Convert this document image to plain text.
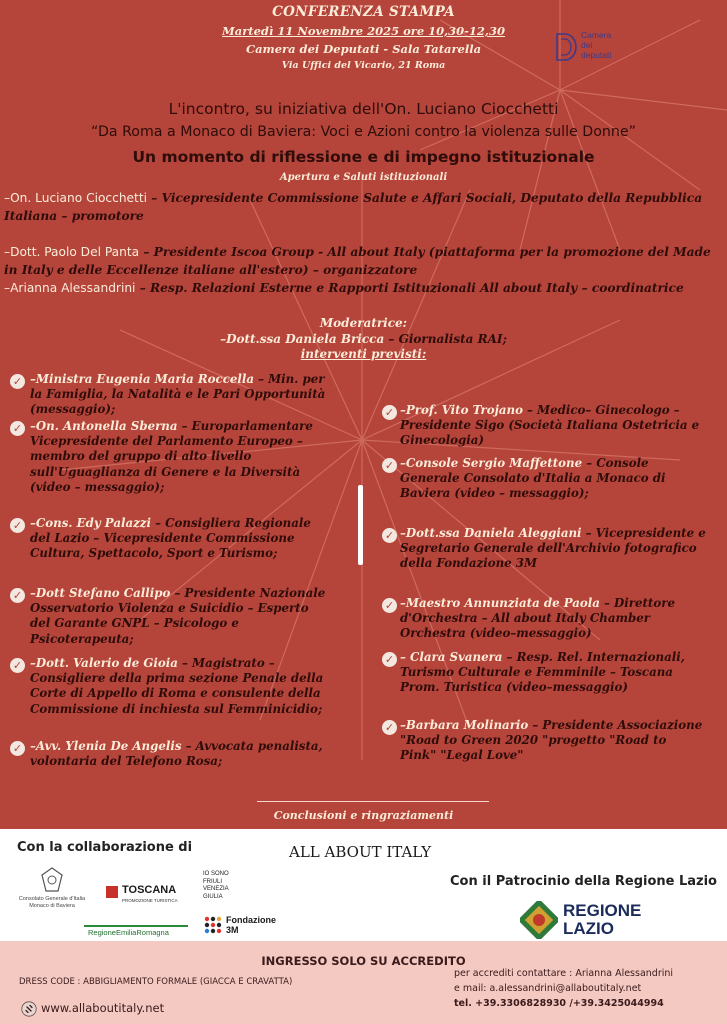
Camera
dei
deputati

CONFERENZA STAMPA

Martedì 11 Novembre 2025 ore 10,30-12,30

Camera dei Deputati - Sala Tatarella

Via Uffici del Vicario, 21 Roma

L'incontro, su iniziativa dell'On. Luciano Ciocchetti

“Da Roma a Monaco di Baviera: Voci e Azioni contro la violenza sulle Donne”

Un momento di riflessione e di impegno istituzionale

Apertura e Saluti istituzionali

–On. Luciano Ciocchetti – Vicepresidente Commissione Salute e Affari Sociali, Deputato della Repubblica Italiana – promotore

–Dott. Paolo Del Panta – Presidente Iscoa Group - All about Italy (piattaforma per la promozione del Made in Italy e delle Eccellenze italiane all'estero) – organizzatore

–Arianna Alessandrini – Resp. Relazioni Esterne e Rapporti Istituzionali All about Italy – coordinatrice

Moderatrice:

–Dott.ssa Daniela Bricca – Giornalista RAI;

interventi previsti:

✓ –Ministra Eugenia Maria Roccella – Min. per la Famiglia, la Natalità e le Pari Opportunità (messaggio);

✓ –On. Antonella Sberna – Europarlamentare Vicepresidente del Parlamento Europeo – membro del gruppo di alto livello sull'Uguaglianza di Genere e la Diversità (video – messaggio);

✓ –Cons. Edy Palazzi – Consigliera Regionale del Lazio – Vicepresidente Commissione Cultura, Spettacolo, Sport e Turismo;

✓ –Dott Stefano Callipo – Presidente Nazionale Osservatorio Violenza e Suicidio – Esperto del Garante GNPL – Psicologo e Psicoterapeuta;

✓ –Dott. Valerio de Gioia – Magistrato – Consigliere della prima sezione Penale della Corte di Appello di Roma e consulente della Commissione di inchiesta sul Femminicidio;

✓ –Avv. Ylenia De Angelis – Avvocata penalista, volontaria del Telefono Rosa;

✓ –Prof. Vito Trojano – Medico– Ginecologo – Presidente Sigo (Società Italiana Ostetricia e Ginecologia)

✓ –Console Sergio Maffettone – Console Generale Consolato d'Italia a Monaco di Baviera (video – messaggio);

✓ –Dott.ssa Daniela Aleggiani – Vicepresidente e Segretario Generale dell'Archivio fotografico della Fondazione 3M

✓ –Maestro Annunziata de Paola – Direttore d'Orchestra – All about Italy Chamber Orchestra (video–messaggio)

✓ – Clara Svanera – Resp. Rel. Internazionali, Turismo Culturale e Femminile – Toscana Prom. Turistica (video–messaggio)

✓ –Barbara Molinario – Presidente Associazione "Road to Green 2020 "progetto "Road to Pink" "Legal Love"

Conclusioni e ringraziamenti

Con la collaborazione di	ALL ABOUT ITALY

Con il Patrocinio della Regione Lazio

Consolato Generale d'Italia
Monaco di Baviera

TOSCANA

PROMOZIONE TURISTICA

IO SONO
FRIULI
VENEZIA
GIULIA

RegioneEmiliaRomagna

Fondazione
3M
REGIONE
LAZIO

INGRESSO SOLO SU ACCREDITO

DRESS CODE : ABBIGLIAMENTO FORMALE (GIACCA E CRAVATTA)

per accrediti contattare : Arianna Alessandrini

e mail: a.alessandrini@allaboutitaly.net

tel. +39.3306828930 /+39.3425044994

www.allaboutitaly.net
